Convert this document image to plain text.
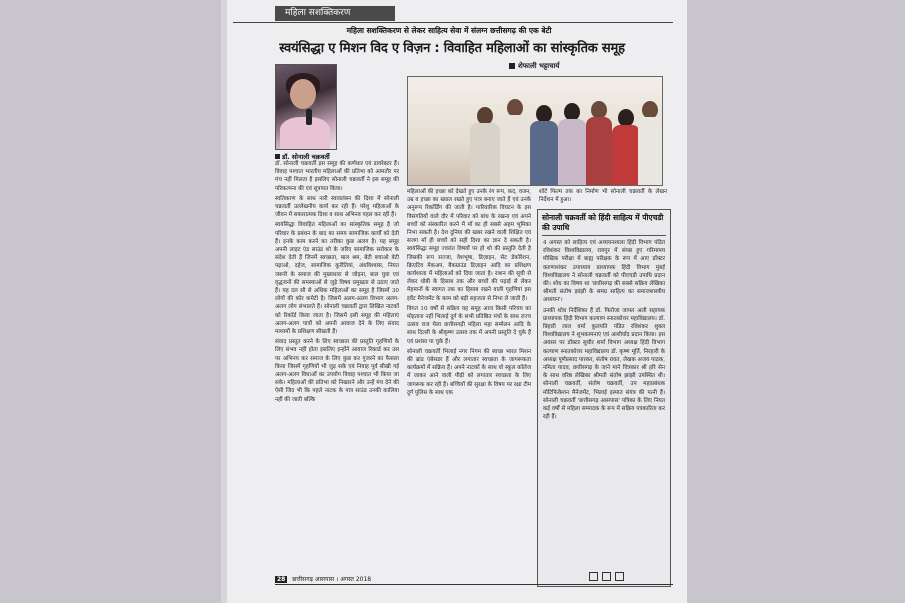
महिला सशक्तिकरण
महिला सशक्तिकरण से लेकर साहित्य सेवा में संलग्न छत्तीसगढ़ की एक बेटी
स्वयंसिद्धा ए मिशन विद ए विज़न : विवाहित महिलाओं का सांस्कृतिक समूह
शेफाली भट्टाचार्य
डॉ. सोनाली चक्रवर्ती

डॉ. सोनाली चक्रवर्ती इस समूह की कर्णधार एवं डायरेक्टर हैं। विवाह पश्चात भारतीय महिलाओं की प्रतिभा को आमतौर पर मंच नहीं मिलता है इसलिए सोनाली चक्रवर्ती ने इस समूह की परिकल्पना की एवं सूत्रपात किया।

स्वतिकरण के साथ नारी स्वावलंबन की दिशा में सोनाली चक्रवर्ती उल्लेखनीय कार्य कर रही हैं। परेशु महिलाओं के जीवन में सकारात्मक दिशा व साथ अभिनव पहल कर रही हैं।

स्वयंसिद्धा विवाहित महिलाओं का सांस्कृतिक समूह है जो परिवार के प्रबंधन के बाद का समय सामाजिक कार्यों को देती हैं। इनके काम करने का तरीका कुछ अलग है। यह समूह अपनी लाइट एंड साउंड शो के जरिए सामाजिक सरोकार के संदेश देती हैं जिनमें स्वच्छता, बाल श्रम, बेटी बचाओ बेटी पढ़ाओ, दहेज, सामाजिक कुरीतियां, अंधविश्वास, नियत जरूरी के समाज की मुख्यधारा से जोड़ना, बाल युवा एवं वृद्धजनों की समस्याओं से जुड़े विषय प्रमुखता से उठाए जाते हैं। यह दल सौ से अधिक महिलाओं का समूह है जिसमें 30 लोगों की कोर कमेटी है। जिसमें अलग-अलग विभाग अलग-अलग लोग संभालते हैं। सोनाली चक्रवर्ती द्वारा लिखित नाटकों को रिकॉर्ड किया जाता है। जिसमें इसी समूह की महिलाएं अलग-अलग पात्रों को अपनी आवाज देने के लिए संवाद माध्यमों के प्रशिक्षण सीखती हैं।

संवाद प्रस्तुत करने के लिए स्वच्छता की प्रस्तुति गृहणियों के लिए संभव नहीं होता इसलिए इन्होंने आवाज रिकार्ड कर उस पर अभिनय कर समाज के लिए कुछ कर गुजरने का फैसला किया जिसमें गृहणियों भी जुड़ सके एवं निवाह पूर्व सीखी गई अलग-अलग विधाओं का उपयोग विवाह पश्चात भी किया जा सके। महिलाओं की प्रतिभा को निखारने और उन्हें मंच देने की ऐसी जिद भी कि पहले नाटक के पात्र साउंड उनकी कालिया नहीं की जाती बल्कि

महिलाओं की इच्छा को देखते हुए उनके रंग रूप, कद, वजन, उम्र व इच्छा का ख्याल रखते हुए पात्र बनाए जाते हैं एवं उनके अनुरूप रिकॉर्डिंग की जाती है। पारिवारिक विघटन के इस विसंगतियों वाले दौर में परिवार को बांध के रखना एवं अपने बच्चों को संस्कारित करने में माँ का ही सबसे अहम भूमिका निभा सकती है। देश दुनिया की खबर रखने वाली शिक्षित एवं सजग माँ ही बच्चों को सही दिशा का ज्ञान दे सकती है। स्वयंसिद्धा समूह ज्वलंत विषयों पर हो शो की प्रस्तुति देती है जिसकी रूप सज्जा, वेशभूषा, डिज़ाइन, सेट डेकोरेशन, क्रिएटिव मेकअप, बैकग्राउंड डिज़ाइन आदि का प्रशिक्षण कार्यशाला में महिलाओं को दिया जाता है। राशन की सूची से लेकर धोबी के हिसाब तक और बच्चों की पढ़ाई से लेकर मेहमानों के स्वागत तक का हिसाब रखने वाली गृहणियां इस इवेंट मैनेजमेंट के काम को बड़ी सहजता से निभा ले जाती हैं।

विगत 10 वर्षों से सक्रिय यह समूह आज किसी परिचय का मोहताज नहीं भिलाई दुर्ग के सभी प्रतिष्ठित मंचों के साथ राज्य उत्सव राज मेला छत्तीसगढ़ी महिला महा सम्मेलन आदि के साथ दिल्ली के श्रीकृष्ण उत्सव तक में अपनी प्रस्तुति दे चुके हैं एवं प्रशंसा पा चुके हैं।

सोनाली चक्रवर्ती भिलाई नगर निगम की स्वच्छ भारत मिशन की ब्रांड एंबेसडर हैं और लगातार स्वच्छता के जागरूकता कार्यक्रमों में सक्रिय हैं। अपने नाटकों के साथ वो स्कूल कॉलेज में जाकर आने वाली पीढ़ी को लगातार स्वच्छता के लिए जागरूक कर रही हैं। बच्चियों की सुरक्षा के विषय पर रक्षा टीम दुर्ग पुलिस के साथ एक

शॉर्ट फिल्म तक का निर्माण भी सोनाली चक्रवर्ती के लेखन निर्देशन में हुआ।

सोनाली चक्रवर्ती को हिंदी साहित्य में पीएचडी की उपाधि

4 अगस्त को साहित्य एवं अध्ययनशाला हिंदी विभाग पंडित रविशंकर विश्वविद्यालय, रायपुर में संपन्न हुए गरिमामय मौखिक परीक्षा में बाह्य परीक्षक के रूप में आए डॉक्टर करुणाशंकर उपाध्याय प्राध्यापक हिंदी विभाग मुंबई विश्वविद्यालय ने सोनाली चक्रवर्ती को पीएचडी उपाधि प्रदान की। शोध का विषय था 'छत्तीसगढ़ की सबसे सक्रिय लेखिका श्रीमती संतोष झांझी के समग्र साहित्य का समाजशास्त्रीय अध्ययन'।

उनकी शोध निर्देशिका हैं डॉ. फिरोजा जाफर अली सहायक प्राध्यापक हिंदी विभाग कल्याण स्नातकोत्तर महाविद्यालय। डॉ. बिहारी लाल वर्मा कुलपति पंडित रविशंकर शुक्ल विश्वविद्यालय ने शुभकामनाएं एवं आशीर्वाद प्रदान किया। इस अवसर पर डॉक्टर सुधीर शर्मा विभाग अध्यक्ष हिंदी विभाग कल्याण स्नातकोत्तर महाविद्यालय डॉ. कृष्ण मूर्ति, निरहारी के अध्यक्ष पूर्णप्रसाद पारकर, संतोष रावत, लेखक अजय पाठक, नमिता यादव, छत्तीसगढ़ के जाने माने चित्रकार श्री हरि सेन के साथ वरिष्ठ लेखिका श्रीमती संतोष झांझी उपस्थित थी। सोनाली चक्रवर्ती, संतोष चक्रवर्ती, उप महाप्रबंधक मोटिफिकेशन मैनेजमेंट, भिलाई इस्पात संयंत्र की पत्नी हैं। सोनाली चक्रवर्ती 'छत्तीसगढ़ आसपास' पत्रिका के लिए नियत कई वर्षों से महिला सम्पादक के रूप में सक्रिय पत्रकारिता कर रही हैं।

28 छत्तीसगढ़ आसपास । अगस्त 2018
